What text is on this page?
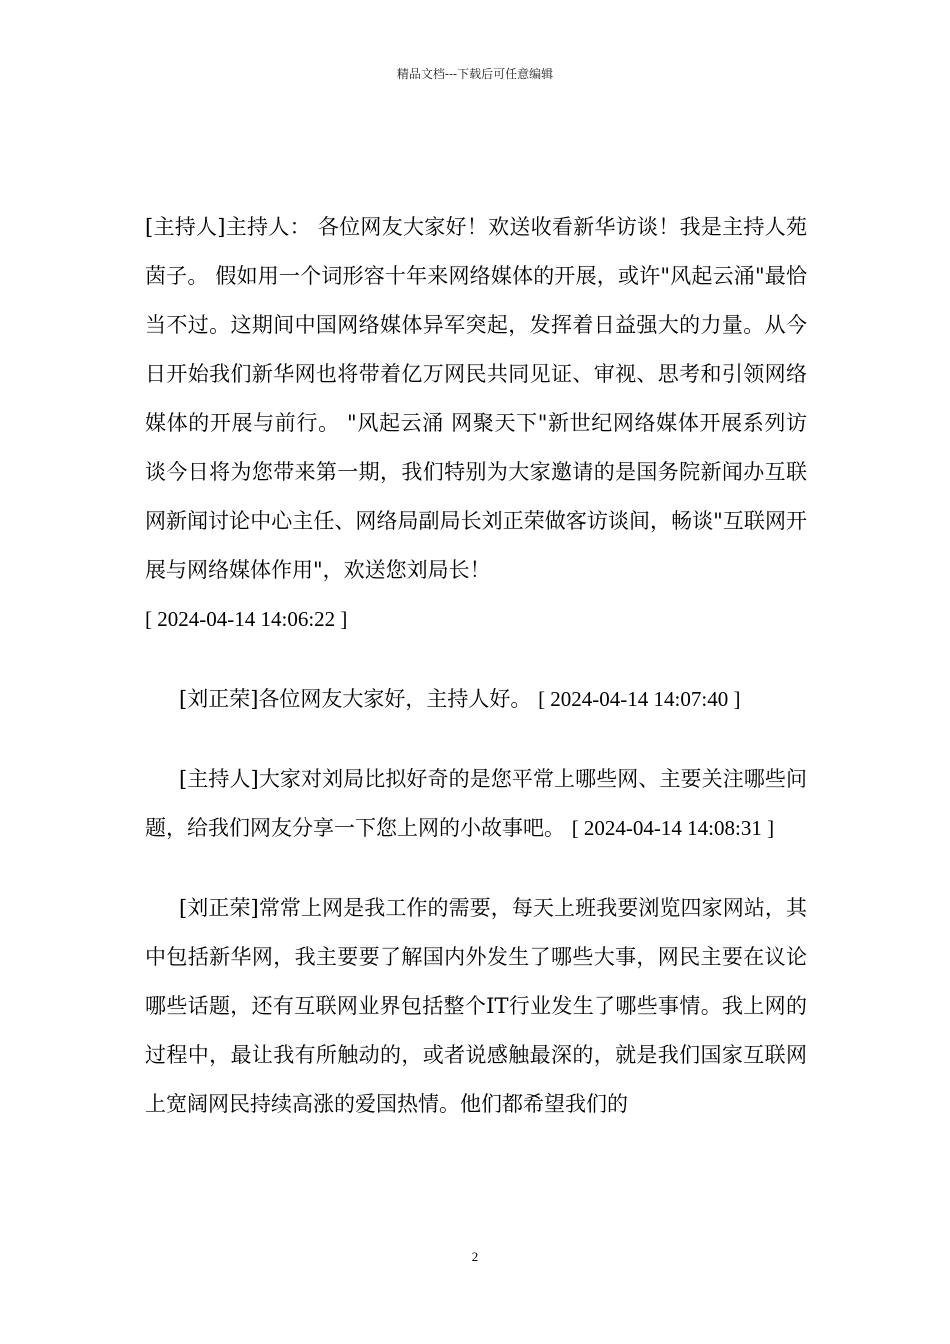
精品文档---下载后可任意编辑

[主持人]主持人： 各位网友大家好！欢送收看新华访谈！我是主持人苑茵子。 假如用一个词形容十年来网络媒体的开展，或许"风起云涌"最恰当不过。这期间中国网络媒体异军突起，发挥着日益强大的力量。从今日开始我们新华网也将带着亿万网民共同见证、审视、思考和引领网络媒体的开展与前行。 "风起云涌 网聚天下"新世纪网络媒体开展系列访谈今日将为您带来第一期，我们特别为大家邀请的是国务院新闻办互联网新闻讨论中心主任、网络局副局长刘正荣做客访谈间，畅谈"互联网开展与网络媒体作用"，欢送您刘局长！
[ 2024-04-14 14:06:22 ]

[刘正荣]各位网友大家好，主持人好。 [ 2024-04-14 14:07:40 ]

[主持人]大家对刘局比拟好奇的是您平常上哪些网、主要关注哪些问题，给我们网友分享一下您上网的小故事吧。 [ 2024-04-14 14:08:31 ]

[刘正荣]常常上网是我工作的需要，每天上班我要浏览四家网站，其中包括新华网，我主要要了解国内外发生了哪些大事，网民主要在议论哪些话题，还有互联网业界包括整个IT行业发生了哪些事情。我上网的过程中，最让我有所触动的，或者说感触最深的，就是我们国家互联网上宽阔网民持续高涨的爱国热情。他们都希望我们的

2
